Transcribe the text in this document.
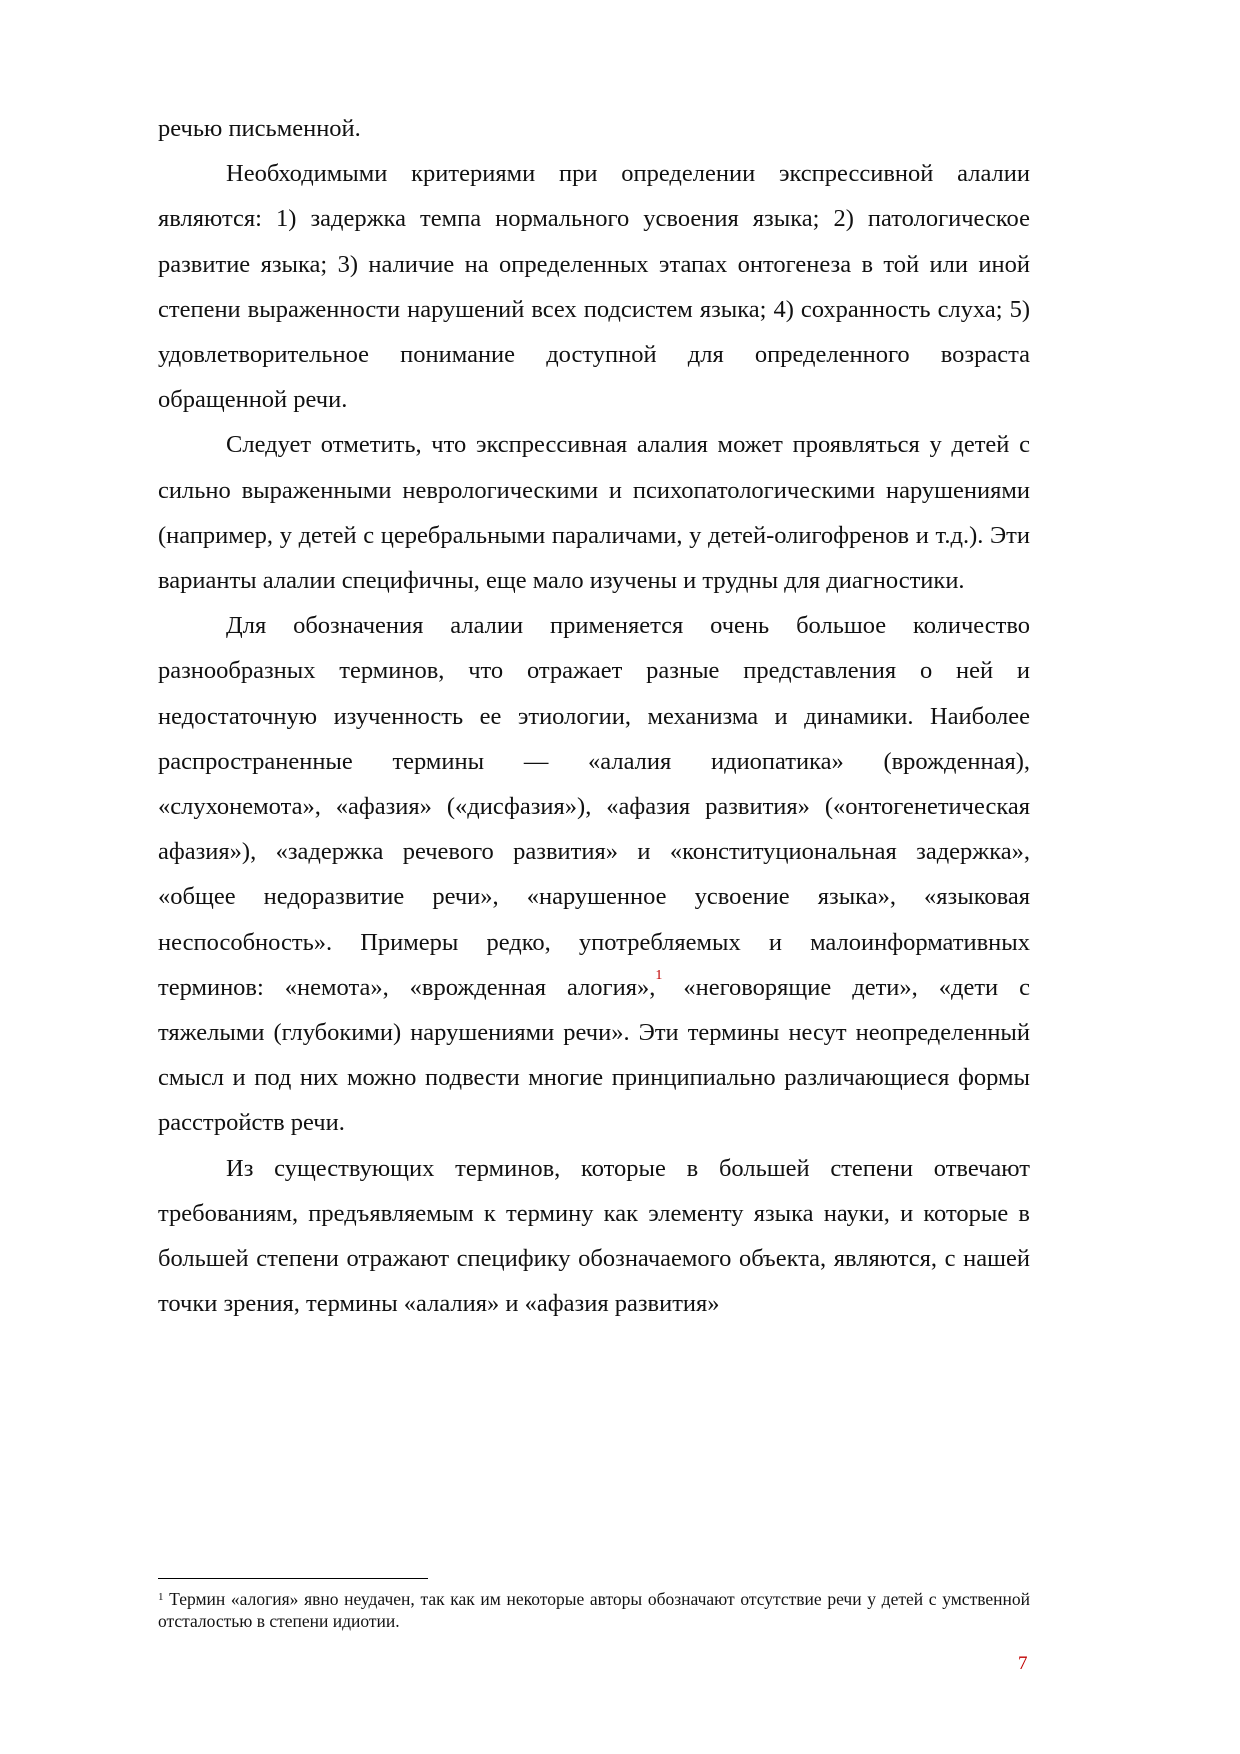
речью письменной.

Необходимыми критериями при определении экспрессивной алалии являются: 1) задержка темпа нормального усвоения языка; 2) патологическое развитие языка; 3) наличие на определенных этапах онтогенеза в той или иной степени выраженности нарушений всех подсистем языка; 4) сохранность слуха; 5) удовлетворительное понимание доступной для определенного возраста обращенной речи.

Следует отметить, что экспрессивная алалия может проявляться у детей с сильно выраженными неврологическими и психопатологическими нарушениями (например, у детей с церебральными параличами, у детей-олигофренов и т.д.). Эти варианты алалии специфичны, еще мало изучены и трудны для диагностики.

Для обозначения алалии применяется очень большое количество разнообразных терминов, что отражает разные представления о ней и недостаточную изученность ее этиологии, механизма и динамики. Наиболее распространенные термины — «алалия идиопатика» (врожденная), «слухонемота», «афазия» («дисфазия»), «афазия развития» («онтогенетическая афазия»), «задержка речевого развития» и «конституциональная задержка», «общее недоразвитие речи», «нарушенное усвоение языка», «языковая неспособность». Примеры редко, употребляемых и малоинформативных терминов: «немота», «врожденная алогия»,$^1$ «неговорящие дети», «дети с тяжелыми (глубокими) нарушениями речи». Эти термины несут неопределенный смысл и под них можно подвести многие принципиально различающиеся формы расстройств речи.

Из существующих терминов, которые в большей степени отвечают требованиям, предъявляемым к термину как элементу языка науки, и которые в большей степени отражают специфику обозначаемого объекта, являются, с нашей точки зрения, термины «алалия» и «афазия развития»

$^1$ Термин «алогия» явно неудачен, так как им некоторые авторы обозначают отсутствие речи у детей с умственной отсталостью в степени идиотии.
7
